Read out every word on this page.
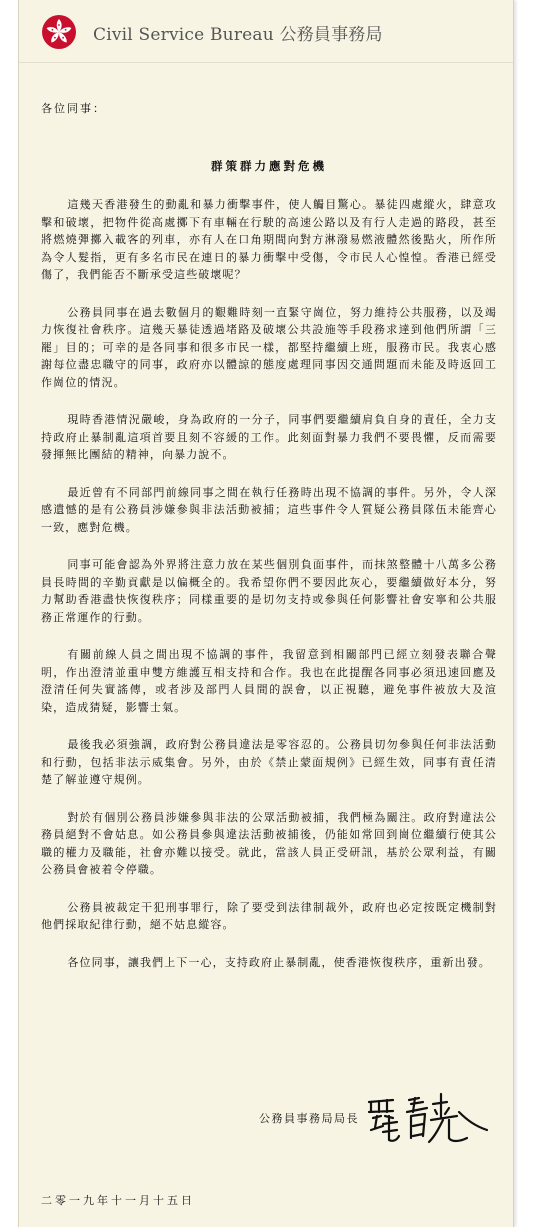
Civil Service Bureau 公務員事務局

各位同事：

群策群力應對危機

這幾天香港發生的動亂和暴力衝擊事件，使人觸目驚心。暴徒四處縱火，肆意攻擊和破壞，把物件從高處擲下有車輛在行駛的高速公路以及有行人走過的路段，甚至將燃燒彈擲入載客的列車，亦有人在口角期間向對方淋潑易燃液體然後點火，所作所為令人髮指，更有多名市民在連日的暴力衝擊中受傷，令市民人心惶惶。香港已經受傷了，我們能否不斷承受這些破壞呢？

公務員同事在過去數個月的艱難時刻一直緊守崗位，努力維持公共服務，以及竭力恢復社會秩序。這幾天暴徒透過堵路及破壞公共設施等手段務求達到他們所謂「三罷」目的；可幸的是各同事和很多市民一樣，都堅持繼續上班，服務市民。我衷心感謝每位盡忠職守的同事，政府亦以體諒的態度處理同事因交通問題而未能及時返回工作崗位的情況。

現時香港情況嚴峻，身為政府的一分子，同事們要繼續肩負自身的責任，全力支持政府止暴制亂這項首要且刻不容緩的工作。此刻面對暴力我們不要畏懼，反而需要發揮無比團結的精神，向暴力說不。

最近曾有不同部門前線同事之間在執行任務時出現不協調的事件。另外，令人深感遺憾的是有公務員涉嫌參與非法活動被捕；這些事件令人質疑公務員隊伍未能齊心一致，應對危機。

同事可能會認為外界將注意力放在某些個別負面事件，而抹煞整體十八萬多公務員長時間的辛勤貢獻是以偏概全的。我希望你們不要因此灰心，要繼續做好本分，努力幫助香港盡快恢復秩序；同樣重要的是切勿支持或參與任何影響社會安寧和公共服務正常運作的行動。

有關前線人員之間出現不協調的事件，我留意到相關部門已經立刻發表聯合聲明，作出澄清並重申雙方維護互相支持和合作。我也在此提醒各同事必須迅速回應及澄清任何失實謠傳，或者涉及部門人員間的誤會，以正視聽，避免事件被放大及渲染，造成猜疑，影響士氣。

最後我必須強調，政府對公務員違法是零容忍的。公務員切勿參與任何非法活動和行動，包括非法示威集會。另外，由於《禁止蒙面規例》已經生效，同事有責任清楚了解並遵守規例。

對於有個別公務員涉嫌參與非法的公眾活動被捕，我們極為關注。政府對違法公務員絕對不會姑息。如公務員參與違法活動被捕後，仍能如常回到崗位繼續行使其公職的權力及職能，社會亦難以接受。就此，當該人員正受研訊，基於公眾利益，有關公務員會被着令停職。

公務員被裁定干犯刑事罪行，除了要受到法律制裁外，政府也必定按既定機制對他們採取紀律行動，絕不姑息縱容。

各位同事，讓我們上下一心，支持政府止暴制亂，使香港恢復秩序，重新出發。

公務員事務局局長
二零一九年十一月十五日
